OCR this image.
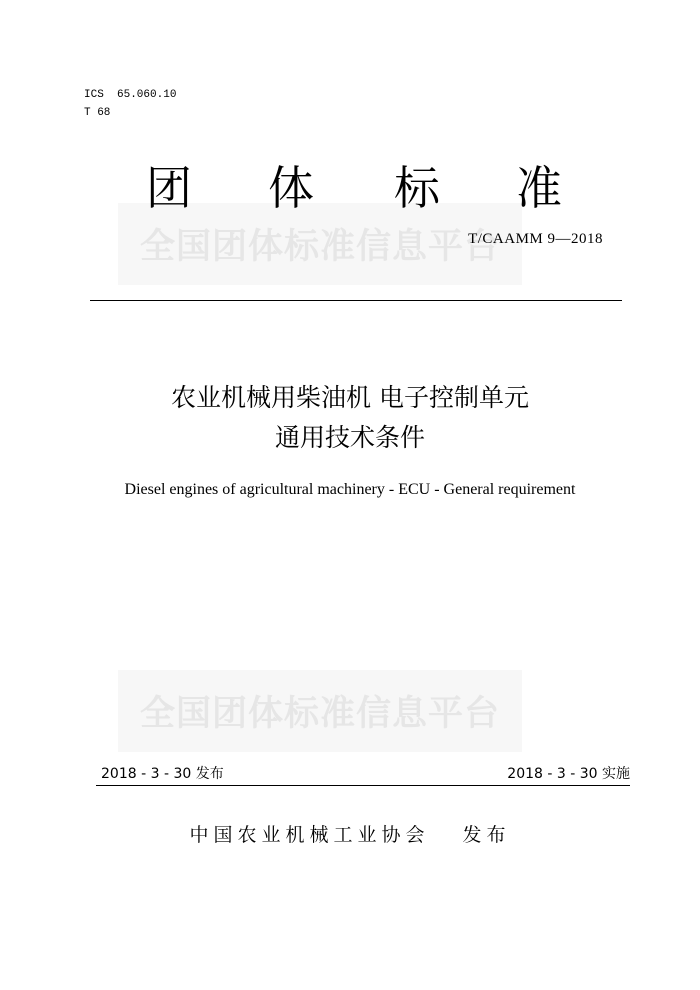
ICS  65.060.10
T 68
全国团体标准信息平台
团 体 标 准
T/CAAMM 9—2018
农业机械用柴油机 电子控制单元
通用技术条件
Diesel engines of agricultural machinery - ECU - General requirement
全国团体标准信息平台
2018 - 3 - 30 发布	2018 - 3 - 30 实施
中国农业机械工业协会   发布
